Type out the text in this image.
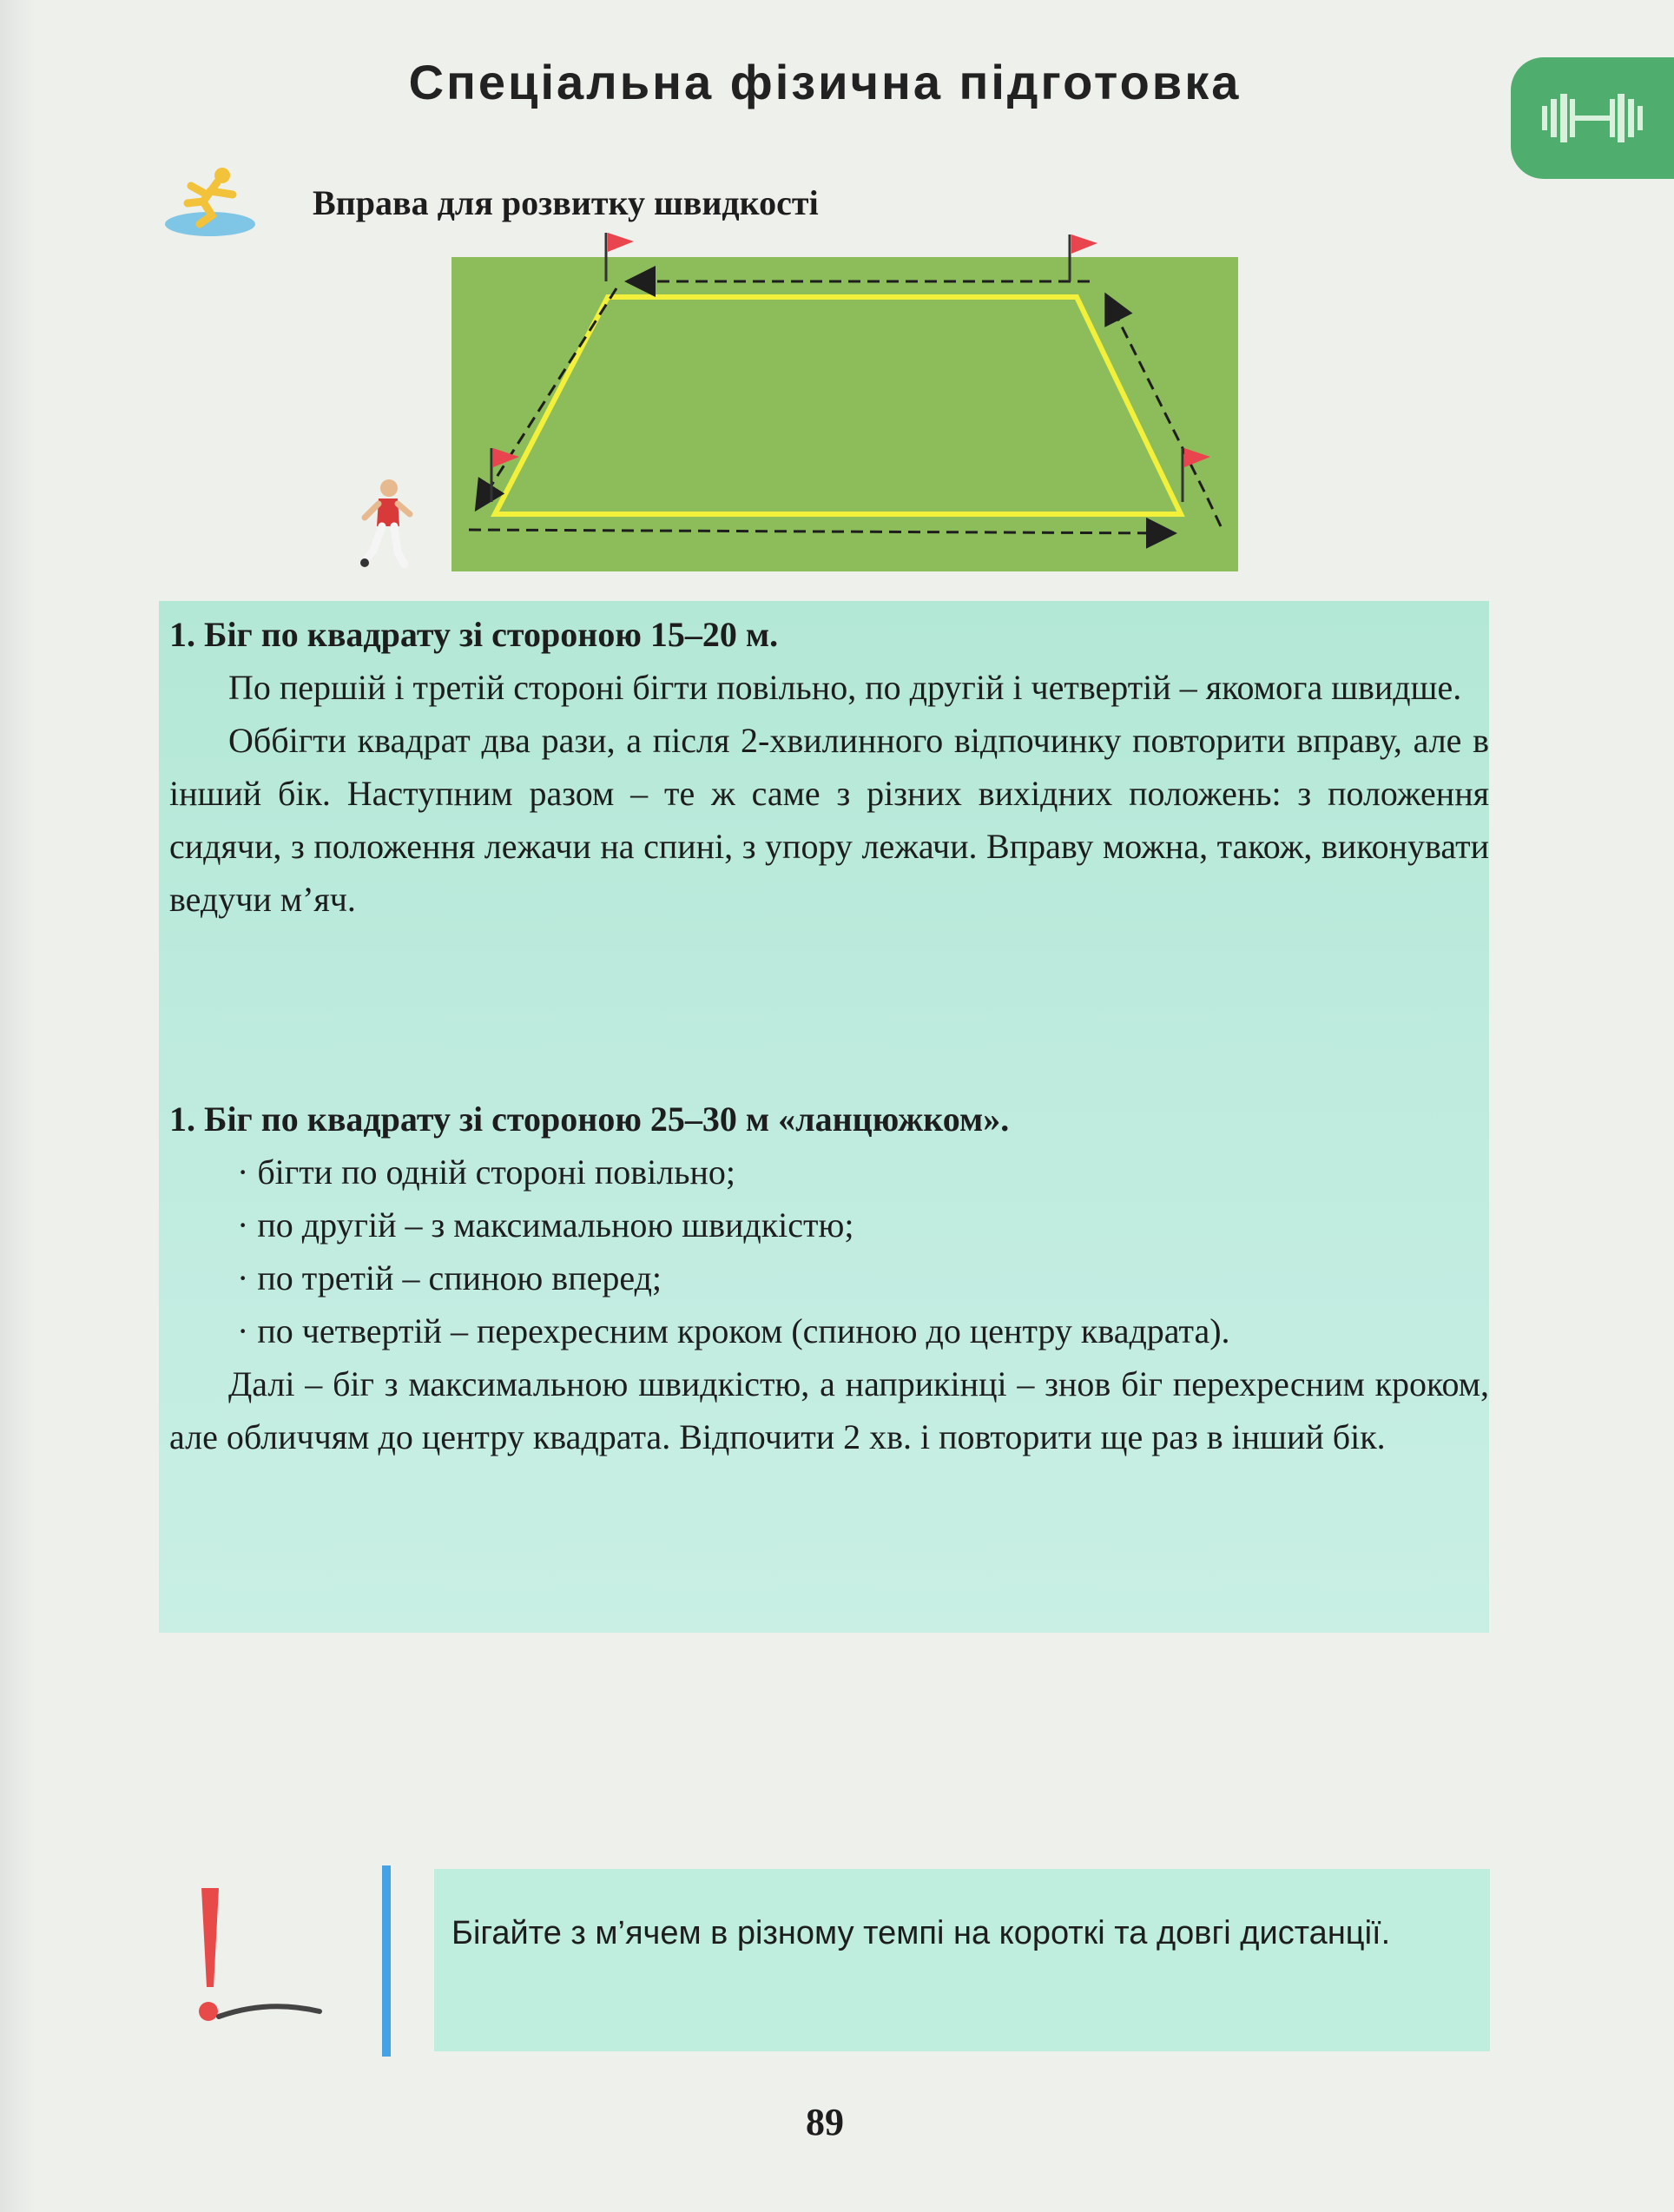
Спеціальна фізична підготовка
Вправа для розвитку швидкості

1. Біг по квадрату зі стороною 15–20 м.

По першій і третій стороні бігти повільно, по другій і четвертій – якомога швидше.

Оббігти квадрат два рази, а після 2-хвилинного відпочинку повторити вправу, але в інший бік. Наступним разом – те ж саме з різних вихідних положень: з положення сидячи, з положення лежачи на спині, з упору лежачи. Вправу можна, також, виконувати ведучи м’яч.

1. Біг по квадрату зі стороною 25–30 м «ланцюжком».

· бігти по одній стороні повільно;

· по другій – з максимальною швидкістю;

· по третій – спиною вперед;

· по четвертій – перехресним кроком (спиною до центру квадрата).

Далі – біг з максимальною швидкістю, а наприкінці – знов біг перехресним кроком, але обличчям до центру квадрата. Відпочити 2 хв. і повторити ще раз в інший бік.

Бігайте з м’ячем в різному темпі на короткі та довгі дистанції.
89
